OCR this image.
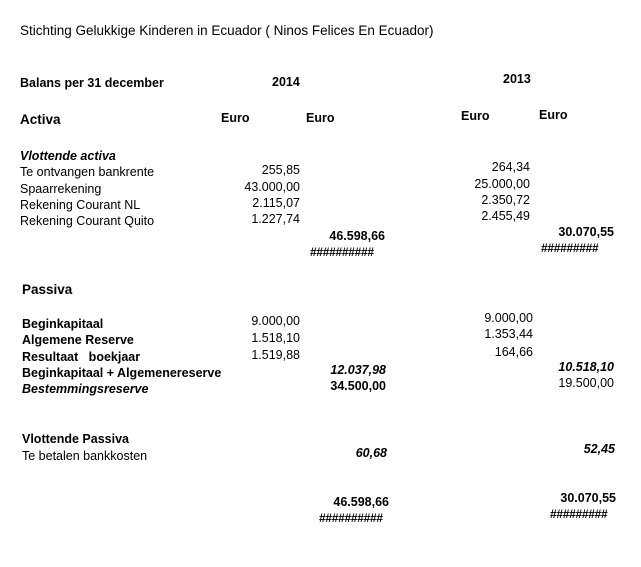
Stichting Gelukkige Kinderen in Ecuador ( Ninos Felices En Ecuador)
Balans per 31 december	2014	2013
Activa	Euro	Euro	Euro	Euro
Vlottende activa
Te ontvangen bankrente	255,85	264,34
Spaarrekening	43.000,00	25.000,00
Rekening Courant NL	2.115,07	2.350,72
Rekening Courant Quito	1.227,74	2.455,49
46.598,66	30.070,55
##########	#########
Passiva
Beginkapitaal	9.000,00	9.000,00
Algemene Reserve	1.518,10	1.353,44
Resultaat   boekjaar	1.519,88	164,66
Beginkapitaal + Algemenereserve	12.037,98	10.518,10
Bestemmingsreserve	34.500,00	19.500,00
Vlottende Passiva
Te betalen bankkosten	60,68	52,45
46.598,66	30.070,55
##########	#########
